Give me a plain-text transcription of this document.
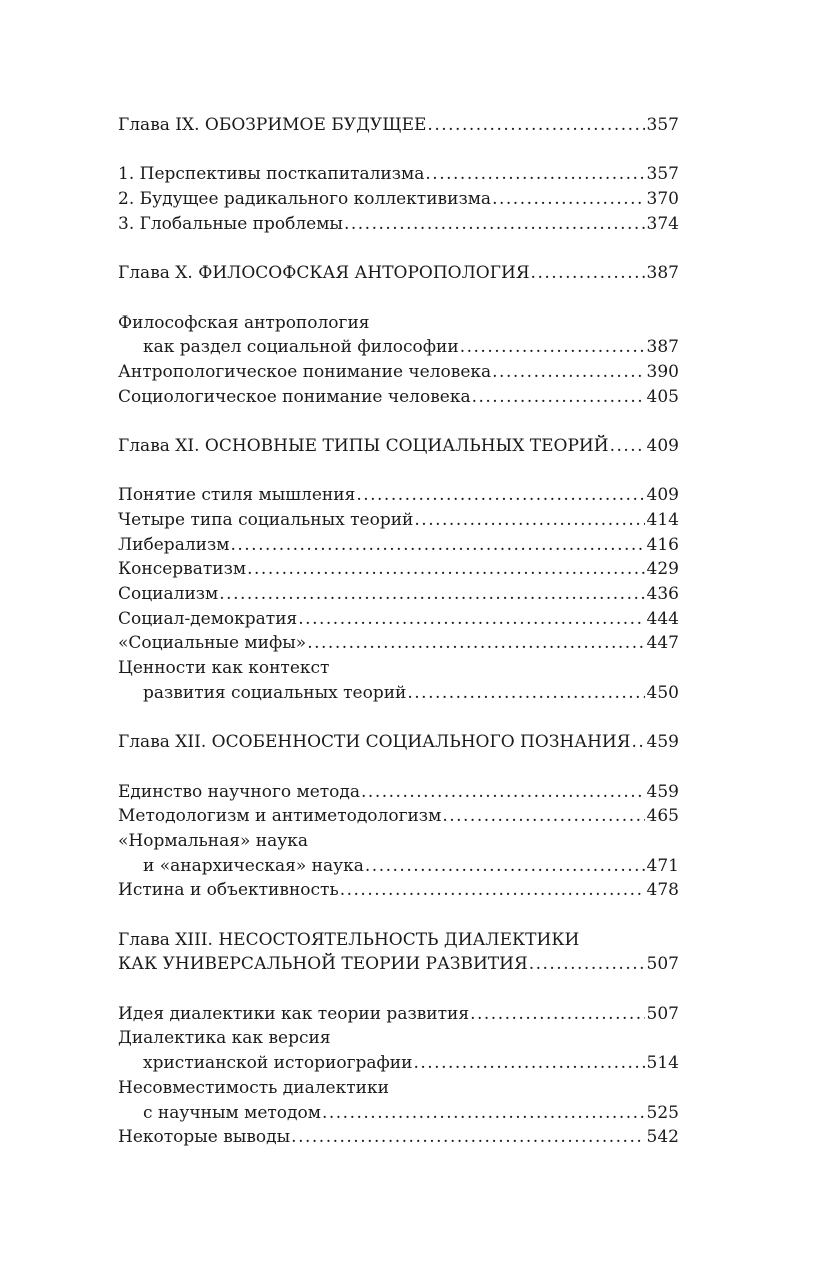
Глава IX. ОБОЗРИМОЕ БУДУЩЕЕ .....	357
1. Перспективы посткапитализма .....	357
2. Будущее радикального коллективизма .....	370
3. Глобальные проблемы .....	374
Глава X. ФИЛОСОФСКАЯ АНТОРОПОЛОГИЯ .....	387
Философская антропология
как раздел социальной философии .....	387
Антропологическое понимание человека .....	390
Социологическое понимание человека .....	405
Глава XI. ОСНОВНЫЕ ТИПЫ СОЦИАЛЬНЫХ ТЕОРИЙ ..... 409
Понятие стиля мышления .....	409
Четыре типа социальных теорий .....	414
Либерализм .....	416
Консерватизм .....	429
Социализм .....	436
Социал-демократия .....	444
«Социальные мифы» .....	447
Ценности как контекст
развития социальных теорий .....	450
Глава XII. ОСОБЕННОСТИ СОЦИАЛЬНОГО ПОЗНАНИЯ ..... 459
Единство научного метода .....	459
Методологизм и антиметодологизм .....	465
«Нормальная» наука
и «анархическая» наука .....	471
Истина и объективность .....	478
Глава XIII. НЕСОСТОЯТЕЛЬНОСТЬ ДИАЛЕКТИКИ
КАК УНИВЕРСАЛЬНОЙ ТЕОРИИ РАЗВИТИЯ .....	507
Идея диалектики как теории развития .....	507
Диалектика как версия
христианской историографии .....	514
Несовместимость диалектики
с научным методом .....	525
Некоторые выводы .....	542
